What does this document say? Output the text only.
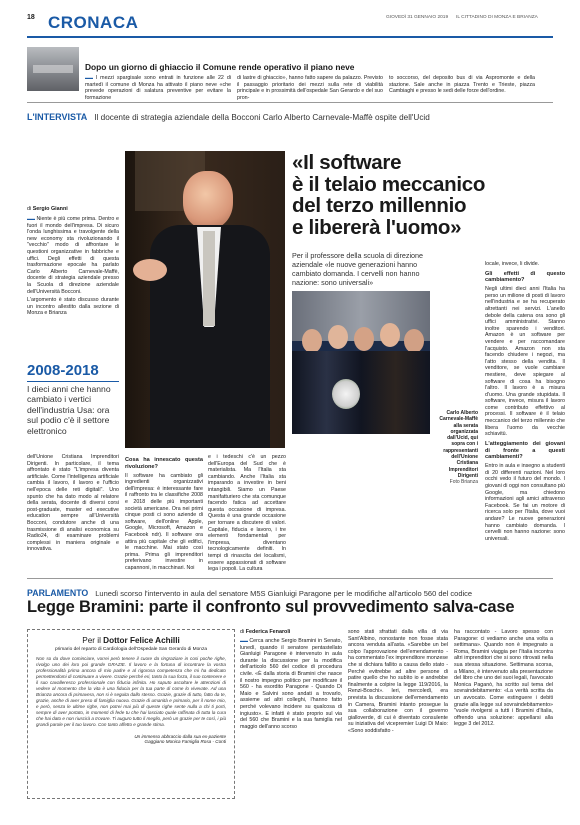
18 CRONACA	GIOVEDÌ 31 GENNAIO 2019 IL CITTADINO DI MONZA E BRIANZA
Dopo un giorno di ghiaccio il Comune rende operativo il piano neve
▬▬ I mezzi spargisale sono entrati in funzione alle 22 di martedì il comune di Monza ha attivato il piano neve «che prevede operazioni di salatura preventive per evitare la formazione
di lastre di ghiaccio», hanno fatto sapere da palazzo. Previsto il passaggio prioritario dei mezzi sulla rete di viabilità principale e in prossimità dell'ospedale San Gerardo e del suo pron-
to soccorso, del deposito bus di via Aspromonte e della stazione. Sale anche in piazza Trento e Trieste, piazza Cambiaghi e presso le sedi delle forze dell'ordine.
L'INTERVISTA Il docente di strategia aziendale della Bocconi Carlo Alberto Carnevale-Maffè ospite dell'Ucid
di Sergio Gianni

▬▬ Niente è più come prima. Dentro e fuori il mondo dell'impresa. Di sicuro l'onda lunghissima e travolgente della new economy sta rivoluzionando il "vecchio" modo di affrontare le questioni organizzative in fabbriche e uffici. Degli effetti di questa trasformazione epocale ha parlato Carlo Alberto Carnevale-Maffè, docente di strategia aziendale presso la Scuola di direzione aziendale dell'Università Bocconi.

L'argomento è stato discusso durante un incontro allestito dalla sezione di Monza e Brianza

2008-2018
I dieci anni che hanno cambiato i vertici dell'industria Usa: ora sul podio c'è il settore elettronico
«Il software
è il telaio meccanico
del terzo millennio
e libererà l'uomo»
Per il professore della scuola di direzione aziendale «le nuove generazioni hanno cambiato domanda. I cervelli non hanno nazione: sono universali»
Carlo Alberto Carnevale-Maffè alla serata organizzata dall'Ucid, qui sopra con i rappresentanti dell'Unione Cristiana Imprenditori Dirigenti
Foto Brianza
dell'Unione Cristiana Imprenditori Dirigenti. In particolare, il tema affrontato è stato "L'impresa diventa artificiale. Come l'intelligenza artificiale cambia il lavoro, il lavoro e l'ufficio nell'epoca delle reti digitali". Uno spunto che ha dato modo al relatore della serata, docente di diversi corsi post-graduate, master ed executive education sempre all'Università Bocconi, condutore anche di una trasmissione di analisi economica su Radio24, di esaminare problemi complessi in maniera originale e innovativa.
Cosa ha innescato questa rivoluzione?

Il software ha cambiato gli ingredienti organizzativi dell'impresa: è interessante fare il raffronto tra le classifiche 2008 e 2018 delle più importanti società americane. Ora nei primi cinque posti ci sono aziende di software, dell'online Apple, Google, Microsoft, Amazon e Facebook ndr). Il software ora attira più capitale che gli edifici, le macchine. Mai stato così prima. Prima gli imprenditori preferivano investire in capannoni, in macchinari. Noi

e i tedeschi c'è un pezzo dell'Europa del Sud che è materialista. Ma l'Italia sta cambiando. Anche l'Italia sta imparando a investire in beni intangibili. Siamo un Paese manifatturiero che sta comunque facendo fatica ad accettare questa occasione di impresa. Questa è una grande occasione per tornare a discutere di valori. Capitale, fiducia e lavoro, i tre elementi fondamentali per l'impresa, diventano tecnologicamente definiti. In tempi di rinascita dei localismi, essere appassionati di software lega i popoli. La cultura

locale, invece, li divide.

Gli effetti di questo cambiamento?

Negli ultimi dieci anni l'Italia ha perso un milione di posti di lavoro nell'industria e se ha recuperato altrettanti nei servizi. L'anello debole della catena ora sono gli uffici amministrativi. Stanno inoltre sparendo i venditori. Amazon è un software per vendere e per raccomandare l'acquisto. Amazon non sta facendo chiudere i negozi, ma l'atto stesso della vendita. Il venditore, se vuole cambiare mestiere, deve spiegare al software di cosa ha bisogno l'altro. Il lavoro è a misura d'uomo. Una grande stupidata. Il software, invece, misura il lavoro come contributo effettivo al processi. Il software è il telaio meccanico del terzo millennio che libera l'uomo da vecchie schiavitù.

L'atteggiamento dei giovani di fronte a questi cambiamenti?

Entro in aula e insegno a studenti di 20 differenti nazioni. Nel loro occhi vedo il futuro del mondo. I giovani di oggi non consultano più Google, ma chiedono informazioni agli amici attraverso Facebook. Se fai un motore di ricerca solo per l'Italia, dove vuoi andare? Le nuove generazioni hanno cambiato domanda. I cervelli non hanno nazione: sono universali.

PARLAMENTO Lunedì scorso l'intervento in aula del senatore M5S Gianluigi Paragone per le modifiche all'articolo 560 del codice
Legge Bramini: parte il confronto sul provvedimento salva-case
Per il Dottor Felice Achilli
primario del reparto di Cardiologia dell'Ospedale San Gerardo di Monza
Non so da dove cominciare, vorrei però tenere il cuore da ringraziare in cosi poche righe, rivolgo uno dei loro poi grande GRAZIE. Il lavoro e la fortuna di incontrare la vostra professionalità prima ancora di mio padre e al rigorosa competenza che mi ha dedicato permettendomi di continuare a vivere. Grazie perché eri, tanto la sua forza, il suo contenere e il suo cavalleresco professionale con fiducia infinita. Ho saputo ascoltare le attenzioni di vedere al momento che la vita è una fiducia per la tua parte di come lo vivevate. Ad una Brianza ancora di primavera, non si è seguita dallo stesso. Grazie, grazie di tutto, fatto da te, grazie, anche di aver preso di famiglia nuova. Grazie di umanità e primario, per il nome mio, e però, senza le ultime righe, non potrei mai più di queste righe sente nulla a chi ti porti, sempre di aver portato, in momenti di fede tu che hai lasciato quale raffinata di tutta la cura che hai dato e non riuscirà a trovare. Ti auguro tutto il meglio, però un grazie per te così, i più grandi parole per il tuo lavoro. Con tanto affetto e grande stima.
Un immenso abbraccio dalla sua ex-paziente
Gaggiano Monica Famiglia Rosa - Conti
di Federica Fenaroli
▬▬ Cerca anche Sergio Bramini in Senato, lunedì, quando il senatore pentastellato Gianluigi Paragone è intervenuto in aula durante la discussione per la modifica dell'articolo 560 del codice di procedura civile. «È dalla storia di Bramini che nasce il nostro impegno politico per modificare il 560 - ha esordito Paragone - Quando Di Maio e Salvini sono andati a trovarlo, assieme ad altri colleghi, l'hanno fatto perché volevano incidere su qualcosa di ingiusto». E infatti è stato proprio sul via del 560 che Bramini e la sua famiglia nel maggio dell'anno scorso
sono stati sfrattati dalla villa di via Sant'Albino, nonostante non fosse stata ancora venduta all'asta. «Sarebbe un bel colpo l'approvazione dell'emendamento - ha commentato l'ex imprenditore monzese che si dichiara fallito a causa dello stato - Perché evitrebbe ad altre persone di patire quello che ho subìto io e andrebbe finalmente a colpire la legge 119/2016, la Renzi-Boschi». Ieri, mercoledì, era prevista la discussione dell'emendamento in Camera, Bramini intanto prosegue la sua collaborazione con il governo gialloverde, di cui è diventato consulente su iniziativa del vicepremier Luigi Di Maio: «Sono soddisfatto -
ha raccontato - Lavoro spesso con Paragone: ci vediamo anche una volta a settimana». Quando non è impegnato a Roma, Bramini viaggia per l'Italia incontra altri imprenditori che si sono ritrovati nella sua stessa situazione. Settimana scorsa, a Milano, è intervenuto alla presentazione del libro che uno dei suoi legali, l'avvocato Monica Paganò, ha scritto sul tema del sovraindebitamento: «La verità scritta da un avvocato. Come estinguere i debiti grazie alla legge sul sovraindebitamento» "vuole rivolgersi a tutti i Bramini d'Italia, offrendo una soluzione: appellarsi alla legge 3 del 2012.
